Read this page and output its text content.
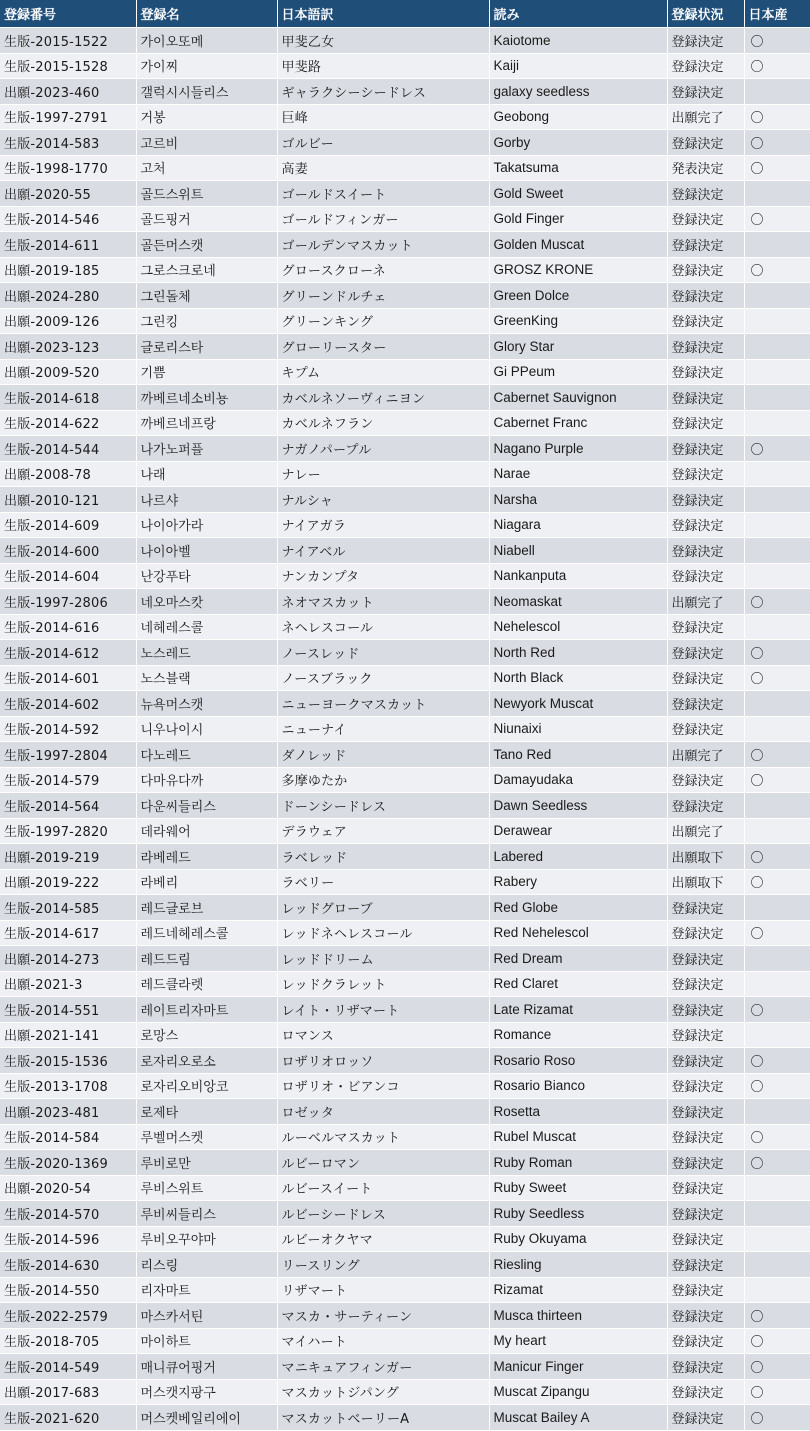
登録番号	登録名	日本語訳	読み	登録状況	日本産
生版-2015-1522	가이오또메	甲斐乙女	Kaiotome	登録決定	〇
生版-2015-1528	가이찌	甲斐路	Kaiji	登録決定	〇
出願-2023-460	갤럭시시들리스	ギャラクシーシードレス	galaxy seedless	登録決定	
生版-1997-2791	거봉	巨峰	Geobong	出願完了	〇
生版-2014-583	고르비	ゴルビー	Gorby	登録決定	〇
生版-1998-1770	고처	高妻	Takatsuma	発表決定	〇
出願-2020-55	골드스위트	ゴールドスイート	Gold Sweet	登録決定	
生版-2014-546	골드핑거	ゴールドフィンガー	Gold Finger	登録決定	〇
生版-2014-611	골든머스캣	ゴールデンマスカット	Golden Muscat	登録決定	
出願-2019-185	그로스크로네	グロースクローネ	GROSZ KRONE	登録決定	〇
出願-2024-280	그린돌체	グリーンドルチェ	Green Dolce	登録決定	
出願-2009-126	그린킹	グリーンキング	GreenKing	登録決定	
出願-2023-123	글로리스타	グローリースター	Glory Star	登録決定	
出願-2009-520	기쁨	キプム	Gi PPeum	登録決定	
生版-2014-618	까베르네소비뇽	カベルネソーヴィニヨン	Cabernet Sauvignon	登録決定	
生版-2014-622	까베르네프랑	カベルネフラン	Cabernet Franc	登録決定	
生版-2014-544	나가노퍼플	ナガノパープル	Nagano Purple	登録決定	〇
出願-2008-78	나래	ナレー	Narae	登録決定	
出願-2010-121	나르샤	ナルシャ	Narsha	登録決定	
生版-2014-609	나이아가라	ナイアガラ	Niagara	登録決定	
生版-2014-600	나이아벨	ナイアベル	Niabell	登録決定	
生版-2014-604	난강푸타	ナンカンプタ	Nankanputa	登録決定	
生版-1997-2806	네오마스캇	ネオマスカット	Neomaskat	出願完了	〇
生版-2014-616	네헤레스콜	ネヘレスコール	Nehelescol	登録決定	
生版-2014-612	노스레드	ノースレッド	North Red	登録決定	〇
生版-2014-601	노스블랙	ノースブラック	North Black	登録決定	〇
生版-2014-602	뉴욕머스캣	ニューヨークマスカット	Newyork Muscat	登録決定	
生版-2014-592	니우나이시	ニューナイ	Niunaixi	登録決定	
生版-1997-2804	다노레드	ダノレッド	Tano Red	出願完了	〇
生版-2014-579	다마유다까	多摩ゆたか	Damayudaka	登録決定	〇
生版-2014-564	다운씨들리스	ドーンシードレス	Dawn Seedless	登録決定	
生版-1997-2820	데라웨어	デラウェア	Derawear	出願完了	
出願-2019-219	라베레드	ラベレッド	Labered	出願取下	〇
出願-2019-222	라베리	ラベリー	Rabery	出願取下	〇
生版-2014-585	레드글로브	レッドグローブ	Red Globe	登録決定	
生版-2014-617	레드네헤레스콜	レッドネヘレスコール	Red Nehelescol	登録決定	〇
出願-2014-273	레드드림	レッドドリーム	Red Dream	登録決定	
出願-2021-3	레드클라렛	レッドクラレット	Red Claret	登録決定	
生版-2014-551	레이트리자마트	レイト・リザマート	Late Rizamat	登録決定	〇
出願-2021-141	로망스	ロマンス	Romance	登録決定	
生版-2015-1536	로자리오로소	ロザリオロッソ	Rosario Roso	登録決定	〇
生版-2013-1708	로자리오비앙코	ロザリオ・ビアンコ	Rosario Bianco	登録決定	〇
出願-2023-481	로제타	ロゼッタ	Rosetta	登録決定	
生版-2014-584	루벨머스켓	ルーベルマスカット	Rubel Muscat	登録決定	〇
生版-2020-1369	루비로만	ルビーロマン	Ruby Roman	登録決定	〇
出願-2020-54	루비스위트	ルビースイート	Ruby Sweet	登録決定	
生版-2014-570	루비씨들리스	ルビーシードレス	Ruby Seedless	登録決定	
生版-2014-596	루비오꾸야마	ルビーオクヤマ	Ruby Okuyama	登録決定	
生版-2014-630	리스링	リースリング	Riesling	登録決定	
生版-2014-550	리자마트	リザマート	Rizamat	登録決定	
生版-2022-2579	마스카서틴	マスカ・サーティーン	Musca thirteen	登録決定	〇
生版-2018-705	마이하트	マイハート	My heart	登録決定	〇
生版-2014-549	매니큐어핑거	マニキュアフィンガー	Manicur Finger	登録決定	〇
出願-2017-683	머스캣지팡구	マスカットジパング	Muscat Zipangu	登録決定	〇
生版-2021-620	머스켓베일리에이	マスカットベーリーA	Muscat Bailey A	登録決定	〇
